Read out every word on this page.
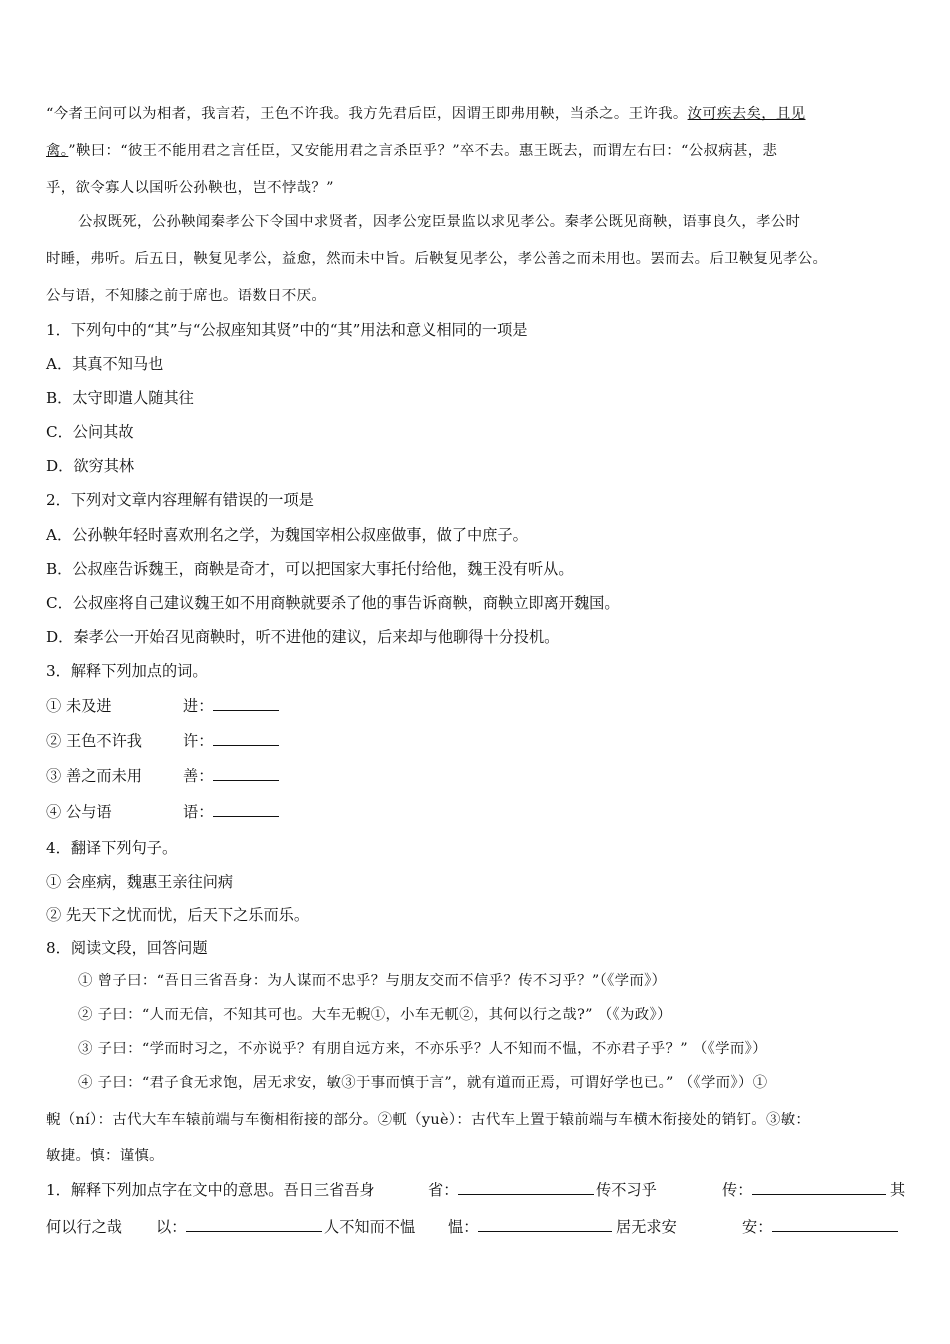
“今者王问可以为相者，我言若，王色不许我。我方先君后臣，因谓王即弗用鞅，当杀之。王许我。汝可疾去矣，且见
禽。”鞅曰：“彼王不能用君之言任臣，又安能用君之言杀臣乎？”卒不去。惠王既去，而谓左右曰：“公叔病甚，悲
乎，欲令寡人以国听公孙鞅也，岂不悖哉？”
公叔既死，公孙鞅闻秦孝公下令国中求贤者，因孝公宠臣景监以求见孝公。秦孝公既见商鞅，语事良久，孝公时
时睡，弗听。后五日，鞅复见孝公，益愈，然而未中旨。后鞅复见孝公，孝公善之而未用也。罢而去。后卫鞅复见孝公。
公与语，不知膝之前于席也。语数日不厌。
1．下列句中的“其”与“公叔座知其贤”中的“其”用法和意义相同的一项是
A．其真不知马也
B．太守即遣人随其往
C．公问其故
D．欲穷其林
2．下列对文章内容理解有错误的一项是
A．公孙鞅年轻时喜欢刑名之学，为魏国宰相公叔座做事，做了中庶子。
B．公叔座告诉魏王，商鞅是奇才，可以把国家大事托付给他，魏王没有听从。
C．公叔座将自己建议魏王如不用商鞅就要杀了他的事告诉商鞅，商鞅立即离开魏国。
D．秦孝公一开始召见商鞅时，听不进他的建议，后来却与他聊得十分投机。
3．解释下列加点的词。
① 未及进	进：
② 王色不许我	许：
③ 善之而未用	善：
④ 公与语	语：
4．翻译下列句子。
① 会座病，魏惠王亲往问病
② 先天下之忧而忧，后天下之乐而乐。
8．阅读文段，回答问题
① 曾子曰：“吾日三省吾身：为人谋而不忠乎？与朋友交而不信乎？传不习乎？”（《学而》）
② 子曰：“人而无信，不知其可也。大车无輗①，小车无軏②，其何以行之哉?” （《为政》）
③ 子曰：“学而时习之，不亦说乎？有朋自远方来，不亦乐乎？人不知而不愠，不亦君子乎？” （《学而》）
④ 子曰：“君子食无求饱，居无求安，敏③于事而慎于言”，就有道而正焉，可谓好学也已。” （《学而》）①
輗（ní）：古代大车车辕前端与车衡相衔接的部分。②軏（yuè）：古代车上置于辕前端与车横木衔接处的销钉。③敏：
敏捷。慎：谨慎。
1．解释下列加点字在文中的意思。吾日三省吾身	省：	传不习乎	传：	其
何以行之哉 以：	人不知而不愠 愠：	居无求安	安：
